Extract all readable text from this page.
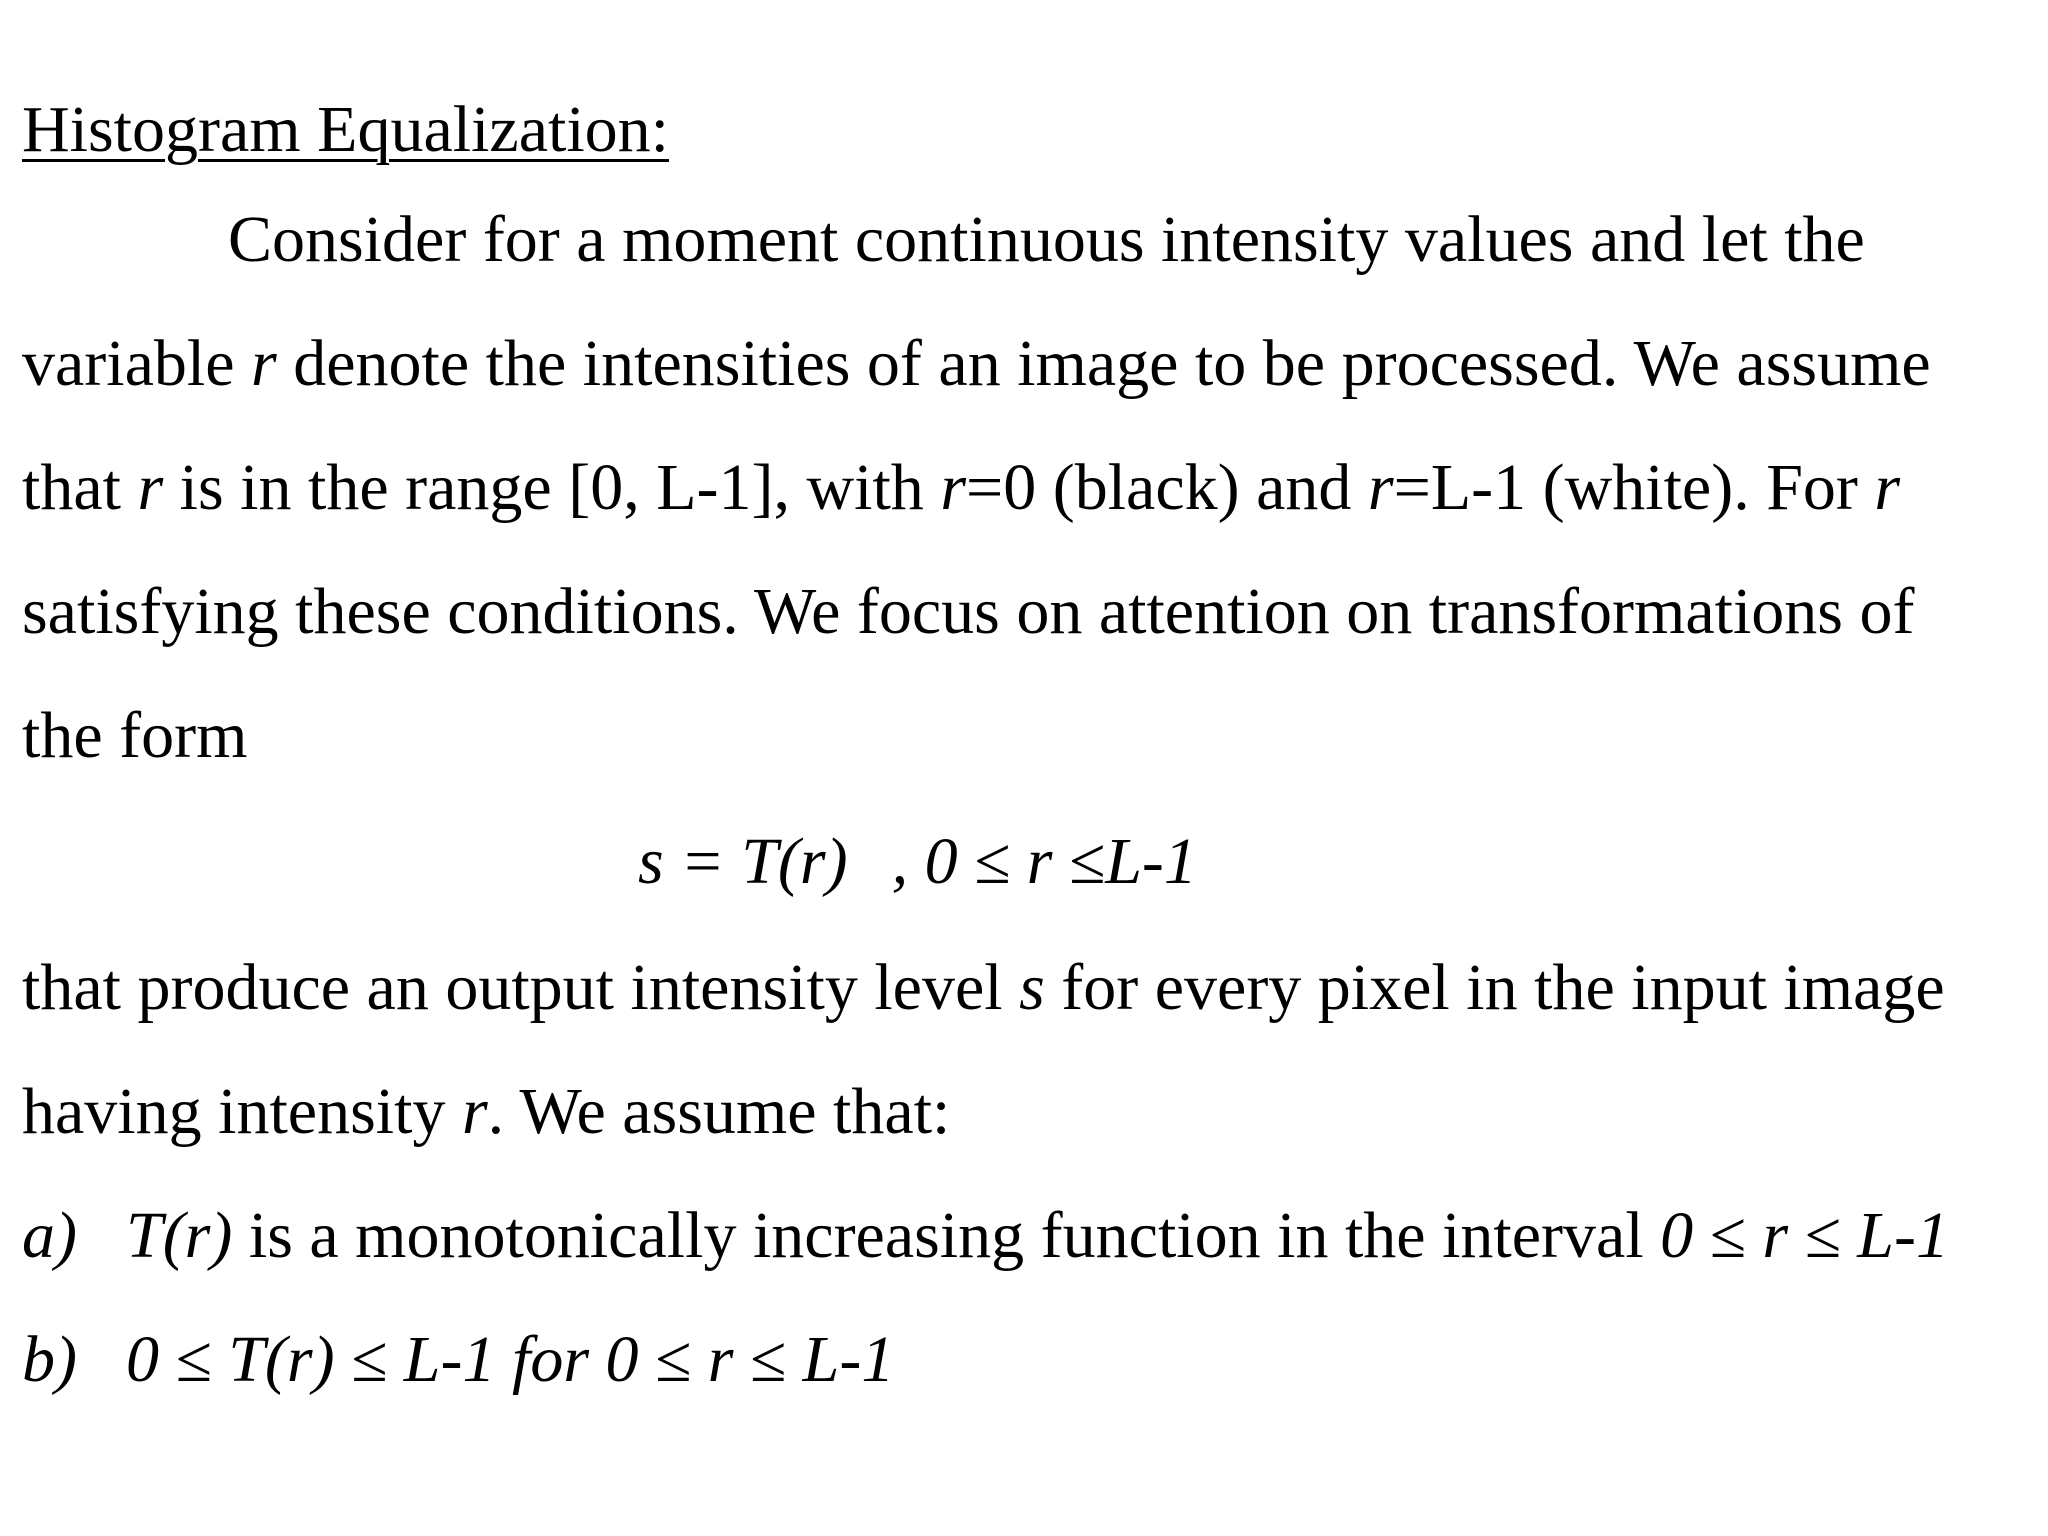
Histogram Equalization:
Consider for a moment continuous intensity values and let the
variable r denote the intensities of an image to be processed. We assume
that r is in the range [0, L-1], with r=0 (black) and r=L-1 (white). For r
satisfying these conditions. We focus on attention on transformations of
the form
s = T(r) , 0 ≤ r ≤L-1
that produce an output intensity level s for every pixel in the input image
having intensity r. We assume that:
a) T(r) is a monotonically increasing function in the interval 0 ≤ r ≤ L-1
b) 0 ≤ T(r) ≤ L-1 for 0 ≤ r ≤ L-1
